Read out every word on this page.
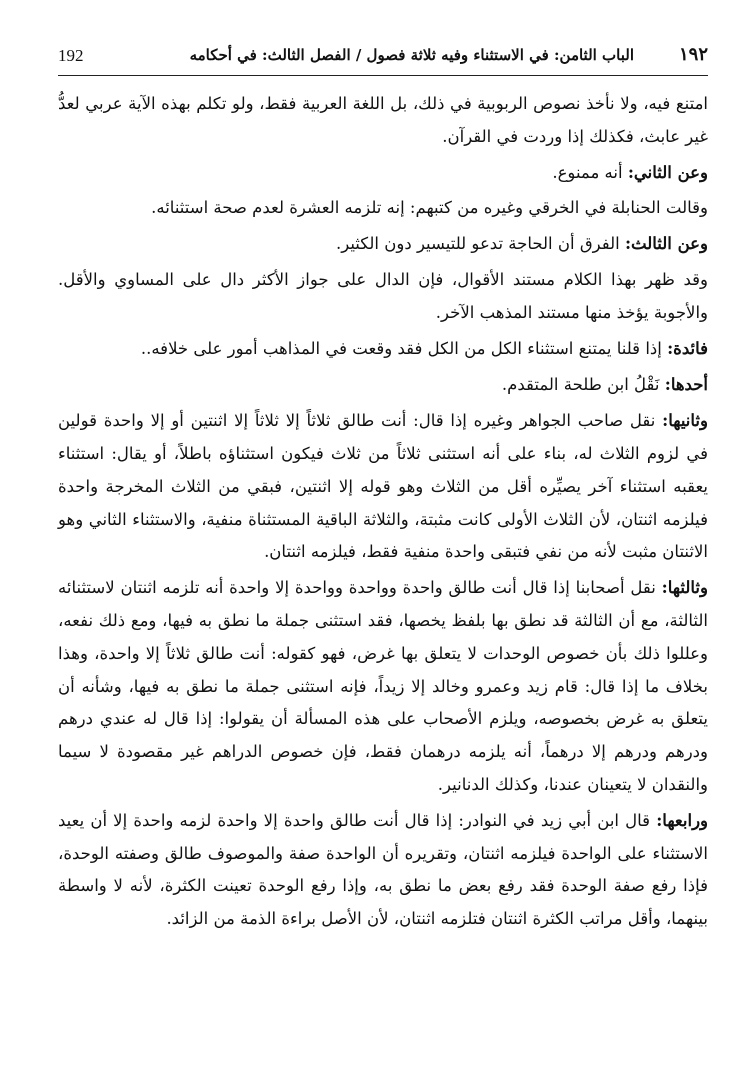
192	الباب الثامن: في الاستثناء وفيه ثلاثة فصول / الفصل الثالث: في أحكامه ١٩٢

امتنع فيه، ولا نأخذ نصوص الربوبية في ذلك، بل اللغة العربية فقط، ولو تكلم بهذه الآية عربي لعدُّ غير عابث، فكذلك إذا وردت في القرآن.

وعن الثاني: أنه ممنوع.

وقالت الحنابلة في الخرقي وغيره من كتبهم: إنه تلزمه العشرة لعدم صحة استثنائه.

وعن الثالث: الفرق أن الحاجة تدعو للتيسير دون الكثير.

وقد ظهر بهذا الكلام مستند الأقوال، فإن الدال على جواز الأكثر دال على المساوي والأقل. والأجوبة يؤخذ منها مستند المذهب الآخر.

فائدة: إذا قلنا يمتنع استثناء الكل من الكل فقد وقعت في المذاهب أمور على خلافه..

أحدها: نَقْلُ ابن طلحة المتقدم.

وثانيها: نقل صاحب الجواهر وغيره إذا قال: أنت طالق ثلاثاً إلا ثلاثاً إلا اثنتين أو إلا واحدة قولين في لزوم الثلاث له، بناء على أنه استثنى ثلاثاً من ثلاث فيكون استثناؤه باطلاً، أو يقال: استثناء يعقبه استثناء آخر يصيِّره أقل من الثلاث وهو قوله إلا اثنتين، فبقي من الثلاث المخرجة واحدة فيلزمه اثنتان، لأن الثلاث الأولى كانت مثبتة، والثلاثة الباقية المستثناة منفية، والاستثناء الثاني وهو الاثنتان مثبت لأنه من نفي فتبقى واحدة منفية فقط، فيلزمه اثنتان.

وثالثها: نقل أصحابنا إذا قال أنت طالق واحدة وواحدة وواحدة إلا واحدة أنه تلزمه اثنتان لاستثنائه الثالثة، مع أن الثالثة قد نطق بها بلفظ يخصها، فقد استثنى جملة ما نطق به فيها، ومع ذلك نفعه، وعللوا ذلك بأن خصوص الوحدات لا يتعلق بها غرض، فهو كقوله: أنت طالق ثلاثاً إلا واحدة، وهذا بخلاف ما إذا قال: قام زيد وعمرو وخالد إلا زيداً، فإنه استثنى جملة ما نطق به فيها، وشأنه أن يتعلق به غرض بخصوصه، ويلزم الأصحاب على هذه المسألة أن يقولوا: إذا قال له عندي درهم ودرهم ودرهم إلا درهماً، أنه يلزمه درهمان فقط، فإن خصوص الدراهم غير مقصودة لا سيما والنقدان لا يتعينان عندنا، وكذلك الدنانير.

ورابعها: قال ابن أبي زيد في النوادر: إذا قال أنت طالق واحدة إلا واحدة لزمه واحدة إلا أن يعيد الاستثناء على الواحدة فيلزمه اثنتان، وتقريره أن الواحدة صفة والموصوف طالق وصفته الوحدة، فإذا رفع صفة الوحدة فقد رفع بعض ما نطق به، وإذا رفع الوحدة تعينت الكثرة، لأنه لا واسطة بينهما، وأقل مراتب الكثرة اثنتان فتلزمه اثنتان، لأن الأصل براءة الذمة من الزائد.
